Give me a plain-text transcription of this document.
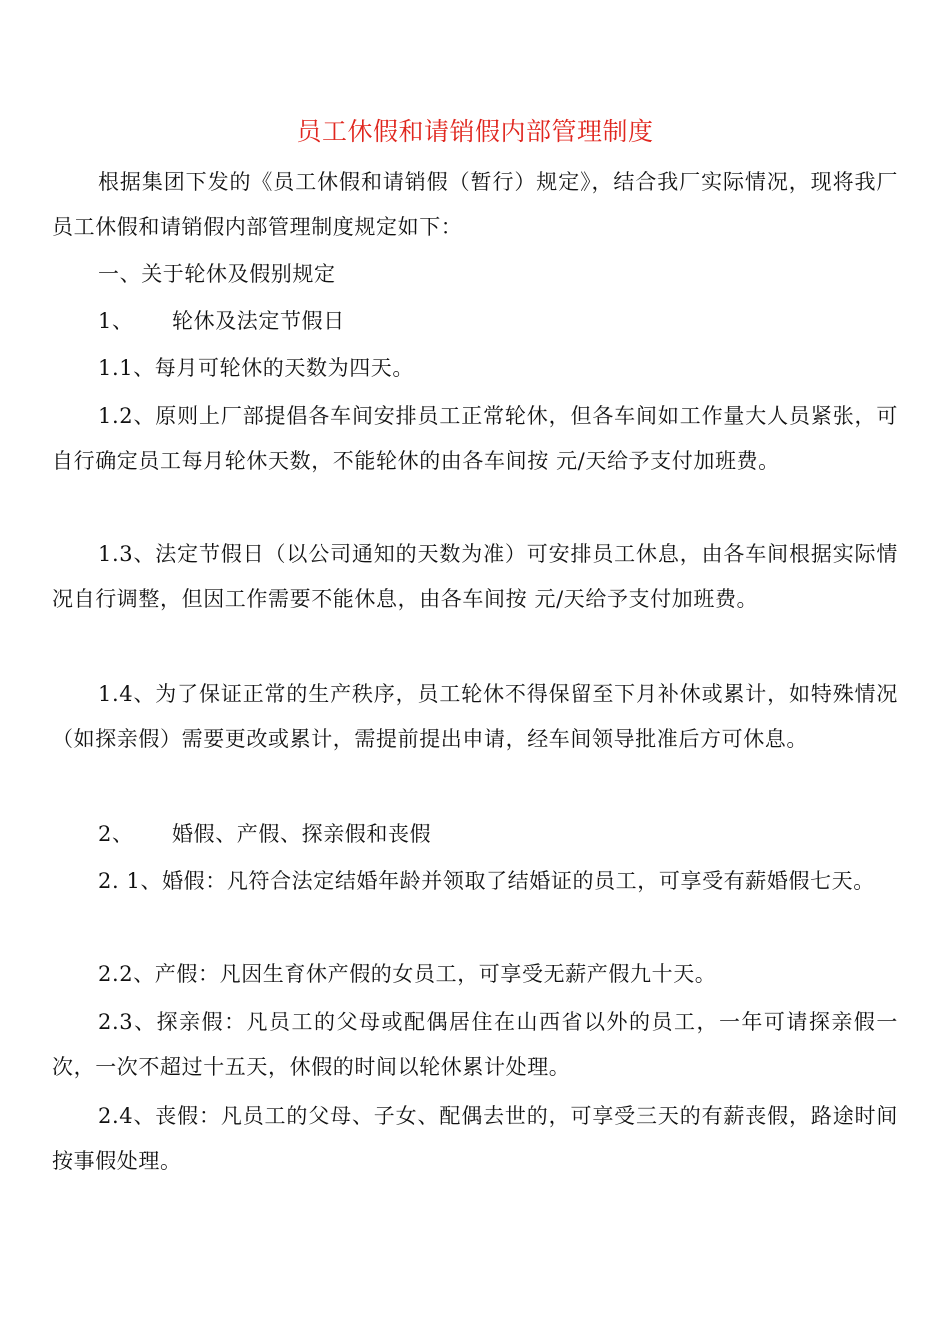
员工休假和请销假内部管理制度

根据集团下发的《员工休假和请销假（暂行）规定》，结合我厂实际情况，现将我厂员工休假和请销假内部管理制度规定如下：

一、关于轮休及假别规定

1、 轮休及法定节假日

1.1、每月可轮休的天数为四天。

1.2、原则上厂部提倡各车间安排员工正常轮休，但各车间如工作量大人员紧张，可自行确定员工每月轮休天数，不能轮休的由各车间按 元/天给予支付加班费。

1.3、法定节假日（以公司通知的天数为准）可安排员工休息，由各车间根据实际情况自行调整，但因工作需要不能休息，由各车间按 元/天给予支付加班费。

1.4、为了保证正常的生产秩序，员工轮休不得保留至下月补休或累计，如特殊情况（如探亲假）需要更改或累计，需提前提出申请，经车间领导批准后方可休息。

2、 婚假、产假、探亲假和丧假

2. 1、婚假：凡符合法定结婚年龄并领取了结婚证的员工，可享受有薪婚假七天。

2.2、产假：凡因生育休产假的女员工，可享受无薪产假九十天。

2.3、探亲假：凡员工的父母或配偶居住在山西省以外的员工，一年可请探亲假一次，一次不超过十五天，休假的时间以轮休累计处理。

2.4、丧假：凡员工的父母、子女、配偶去世的，可享受三天的有薪丧假，路途时间按事假处理。
